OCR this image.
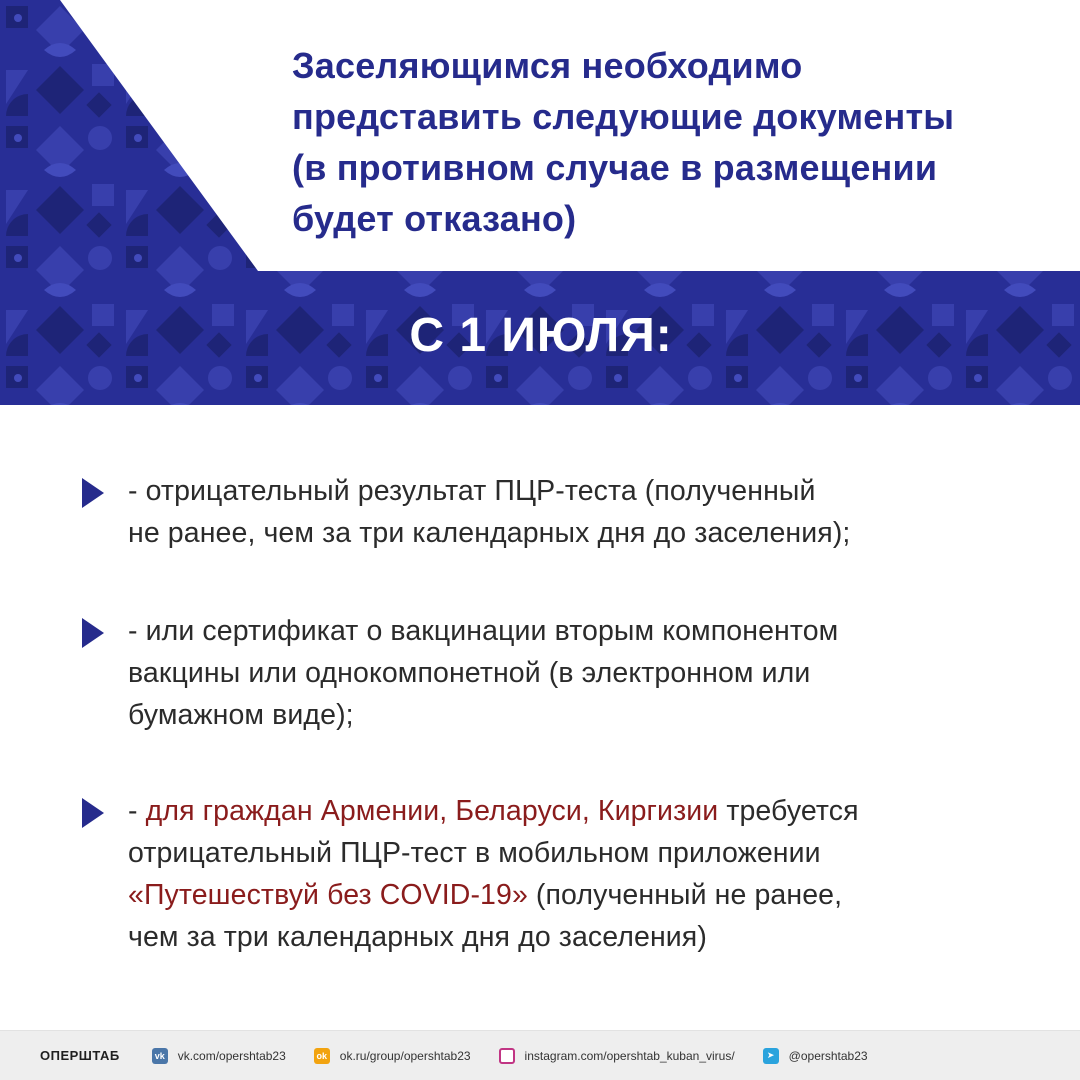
Заселяющимся необходимо
представить следующие документы
(в противном случае в размещении
будет отказано)
С 1 ИЮЛЯ:
- отрицательный результат ПЦР-теста (полученный
не ранее, чем за три календарных дня до заселения);
- или сертификат о вакцинации вторым компонентом
вакцины или однокомпонетной (в электронном или
бумажном виде);
- для граждан Армении, Беларуси, Киргизии требуется
отрицательный ПЦР-тест в мобильном приложении
«Путешествуй без COVID-19» (полученный не ранее,
чем за три календарных дня до заселения)
ОПЕРШТАБ	vk vk.com/opershtab23	ok ok.ru/group/opershtab23	instagram.com/opershtab_kuban_virus/	➤	@opershtab23
